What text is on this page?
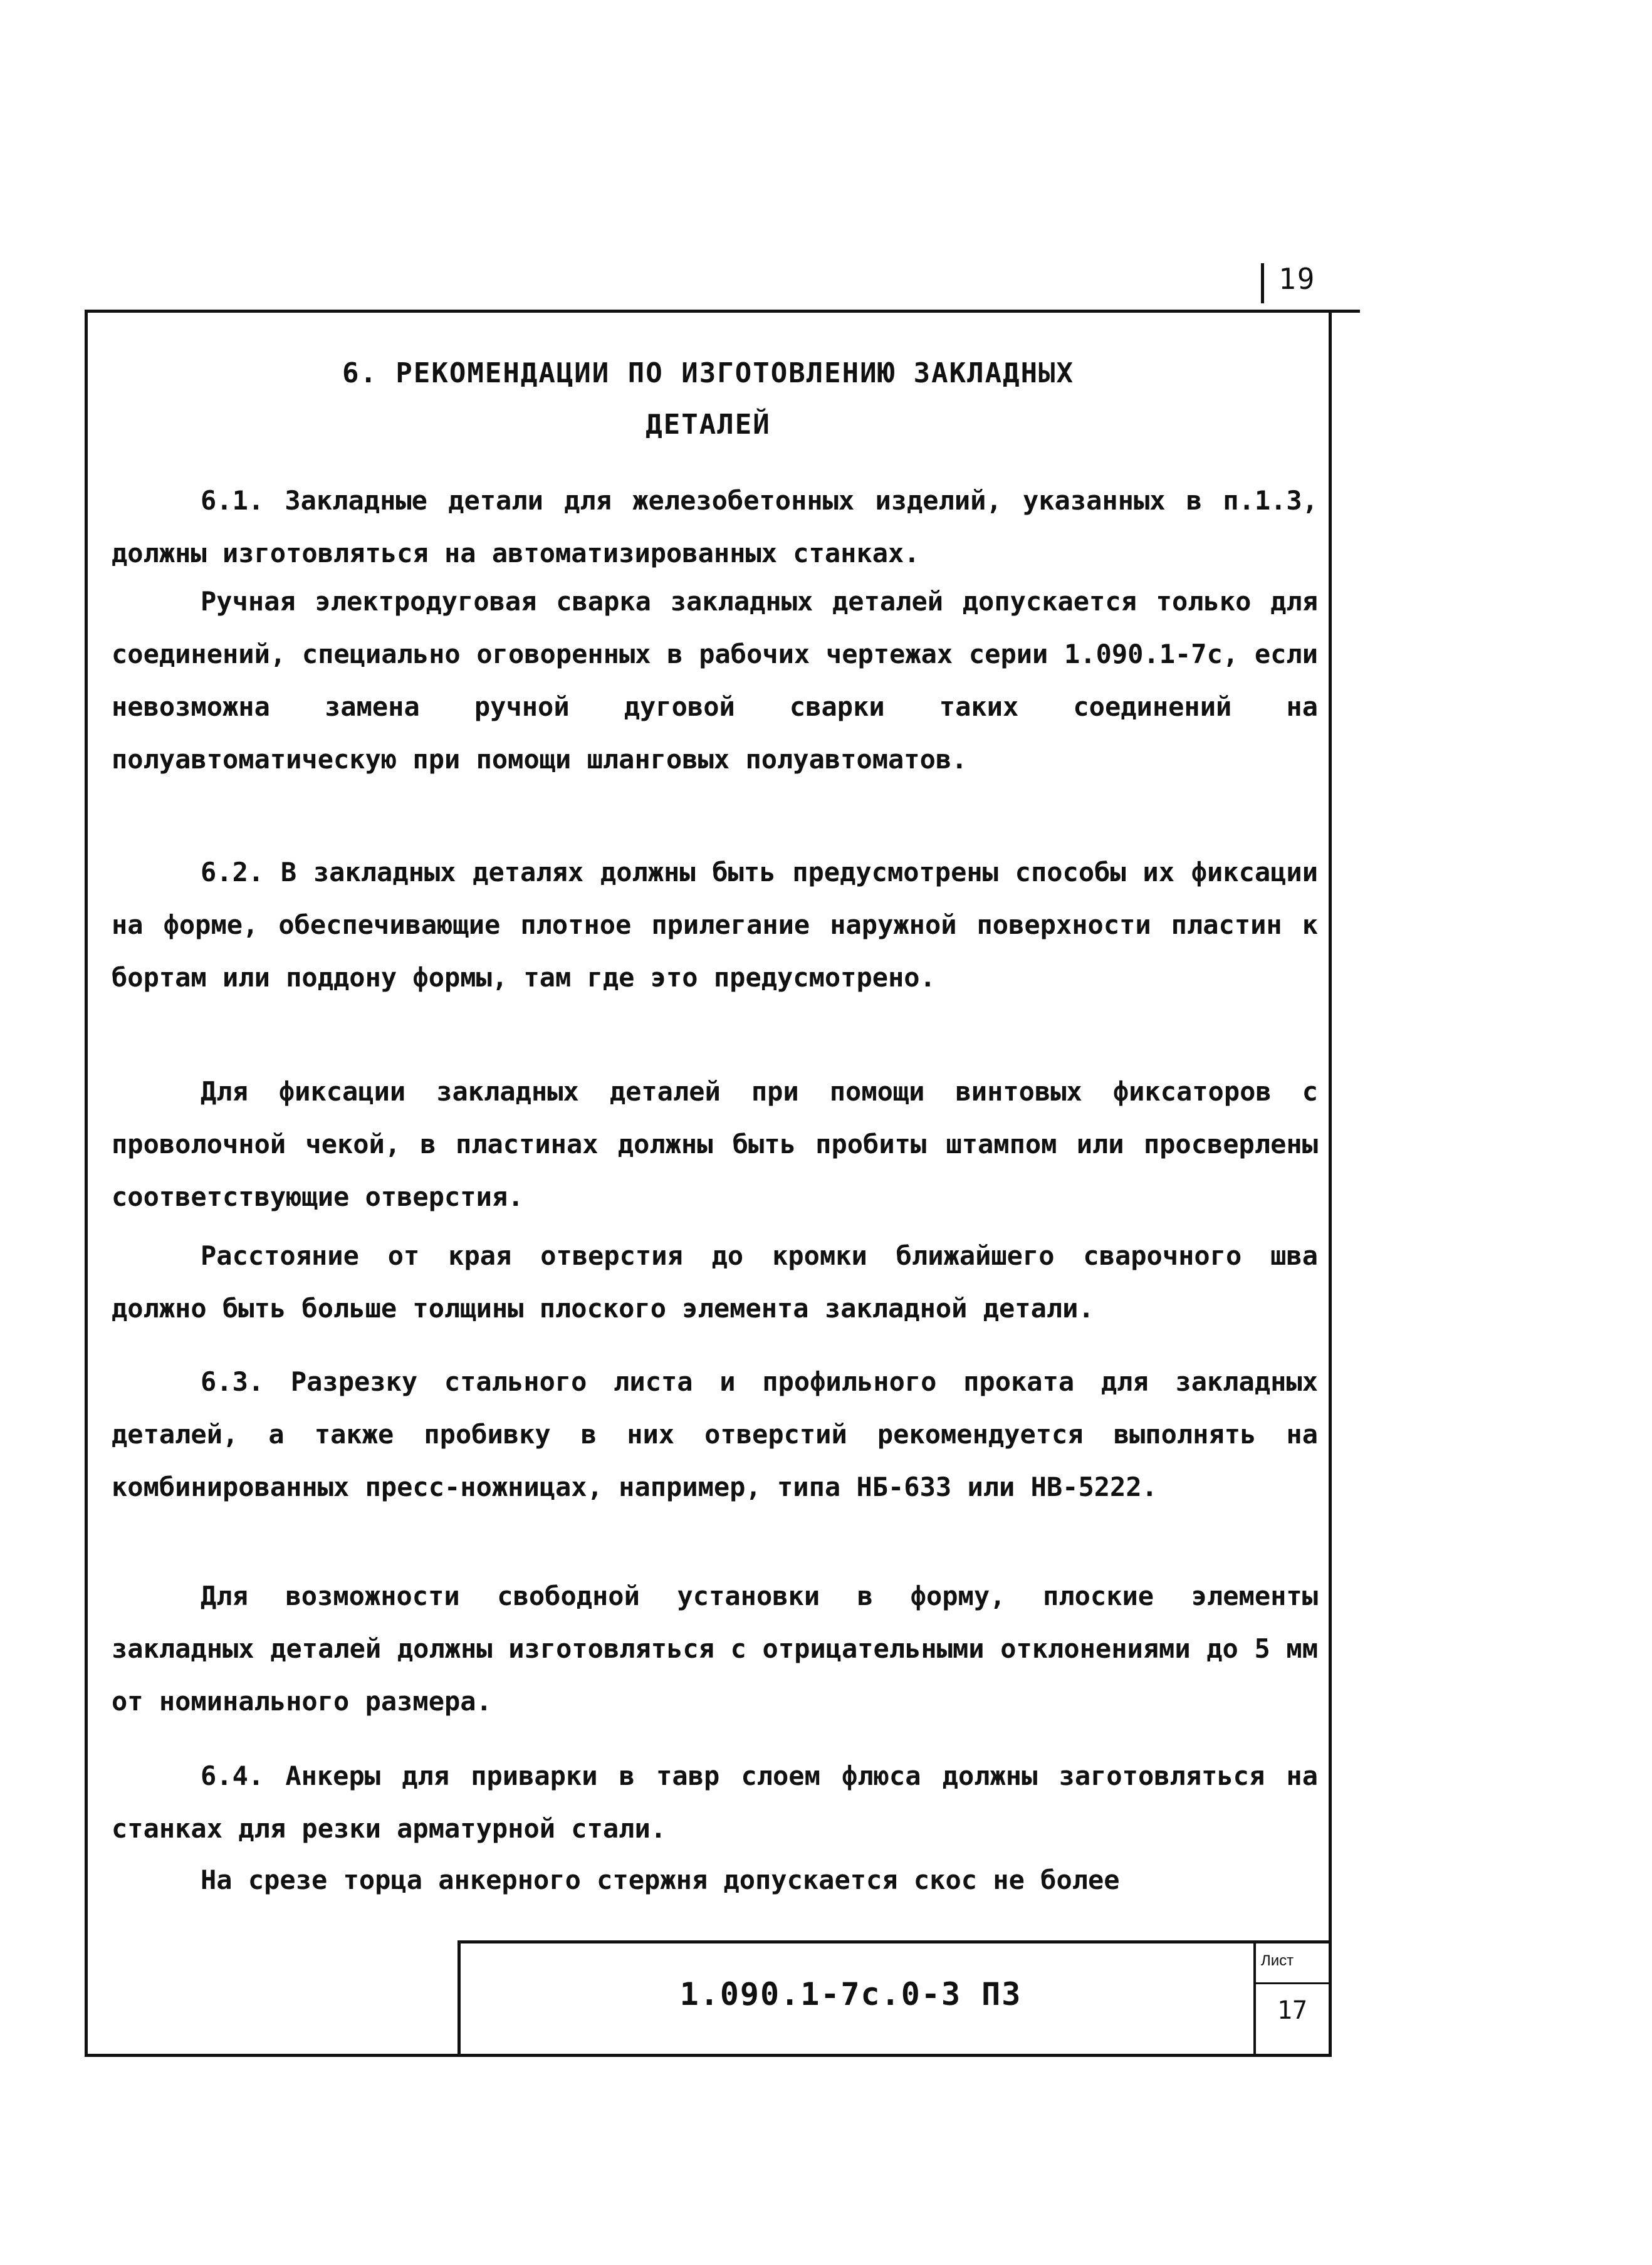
19
6. РЕКОМЕНДАЦИИ ПО ИЗГОТОВЛЕНИЮ ЗАКЛАДНЫХ
ДЕТАЛЕЙ
6.1. Закладные детали для железобетонных изделий, указанных в п.1.3, должны изготовляться на автоматизированных станках.
Ручная электродуговая сварка закладных деталей допускается только для соединений, специально оговоренных в рабочих чертежах серии 1.090.1-7с, если невозможна замена ручной дуговой сварки таких соединений на полуавтоматическую при помощи шланговых полуавтоматов.
6.2. В закладных деталях должны быть предусмотрены способы их фиксации на форме, обеспечивающие плотное прилегание наружной поверхности пластин к бортам или поддону формы, там где это предусмотрено.
Для фиксации закладных деталей при помощи винтовых фиксаторов с проволочной чекой, в пластинах должны быть пробиты штампом или просверлены соответствующие отверстия.
Расстояние от края отверстия до кромки ближайшего сварочного шва должно быть больше толщины плоского элемента закладной детали.
6.3. Разрезку стального листа и профильного проката для закладных деталей, а также пробивку в них отверстий рекомендуется выполнять на комбинированных пресс-ножницах, например, типа НБ-633 или НВ-5222.
Для возможности свободной установки в форму, плоские элементы закладных деталей должны изготовляться с отрицательными отклонениями до 5 мм от номинального размера.
6.4. Анкеры для приварки в тавр слоем флюса должны заготовляться на станках для резки арматурной стали.
На срезе торца анкерного стержня допускается скос не более
1.090.1-7с.0-3 ПЗ
Лист
17
